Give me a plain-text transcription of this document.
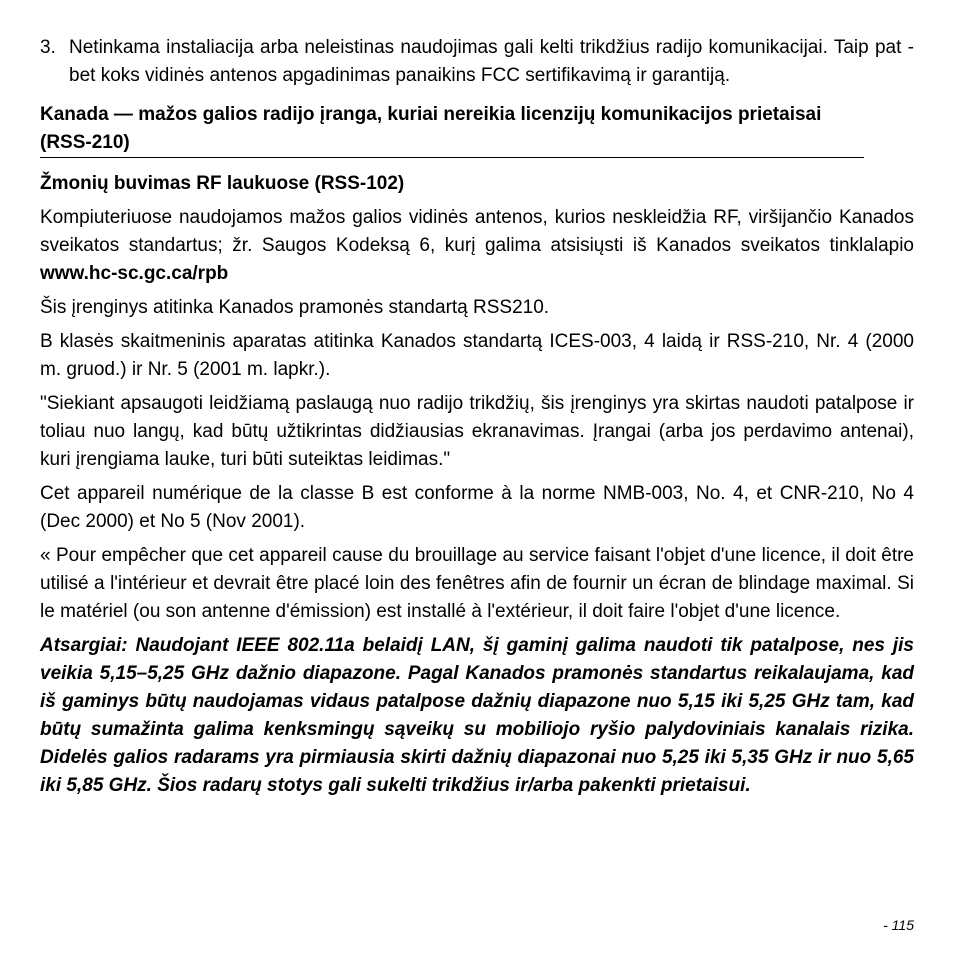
3. Netinkama instaliacija arba neleistinas naudojimas gali kelti trikdžius radijo komunikacijai. Taip pat - bet koks vidinės antenos apgadinimas panaikins FCC sertifikavimą ir garantiją.
Kanada — mažos galios radijo įranga, kuriai nereikia licenzijų komunikacijos prietaisai (RSS-210)
Žmonių buvimas RF laukuose (RSS-102)

Kompiuteriuose naudojamos mažos galios vidinės antenos, kurios neskleidžia RF, viršijančio Kanados sveikatos standartus; žr. Saugos Kodeksą 6, kurį galima atsisiųsti iš Kanados sveikatos tinklalapio www.hc-sc.gc.ca/rpb

Šis įrenginys atitinka Kanados pramonės standartą RSS210.

B klasės skaitmeninis aparatas atitinka Kanados standartą ICES-003, 4 laidą ir RSS-210, Nr. 4 (2000 m. gruod.) ir Nr. 5 (2001 m. lapkr.).

"Siekiant apsaugoti leidžiamą paslaugą nuo radijo trikdžių, šis įrenginys yra skirtas naudoti patalpose ir toliau nuo langų, kad būtų užtikrintas didžiausias ekranavimas. Įrangai (arba jos perdavimo antenai), kuri įrengiama lauke, turi būti suteiktas leidimas."

Cet appareil numérique de la classe B est conforme à la norme NMB-003, No. 4, et CNR-210, No 4 (Dec 2000) et No 5 (Nov 2001).

« Pour empêcher que cet appareil cause du brouillage au service faisant l'objet d'une licence, il doit être utilisé a l'intérieur et devrait être placé loin des fenêtres afin de fournir un écran de blindage maximal. Si le matériel (ou son antenne d'émission) est installé à l'extérieur, il doit faire l'objet d'une licence.

Atsargiai: Naudojant IEEE 802.11a belaidį LAN, šį gaminį galima naudoti tik patalpose, nes jis veikia 5,15–5,25 GHz dažnio diapazone. Pagal Kanados pramonės standartus reikalaujama, kad iš gaminys būtų naudojamas vidaus patalpose dažnių diapazone nuo 5,15 iki 5,25 GHz tam, kad būtų sumažinta galima kenksmingų sąveikų su mobiliojo ryšio palydoviniais kanalais rizika. Didelės galios radarams yra pirmiausia skirti dažnių diapazonai nuo 5,25 iki 5,35 GHz ir nuo 5,65 iki 5,85 GHz. Šios radarų stotys gali sukelti trikdžius ir/arba pakenkti prietaisui.
- 115
